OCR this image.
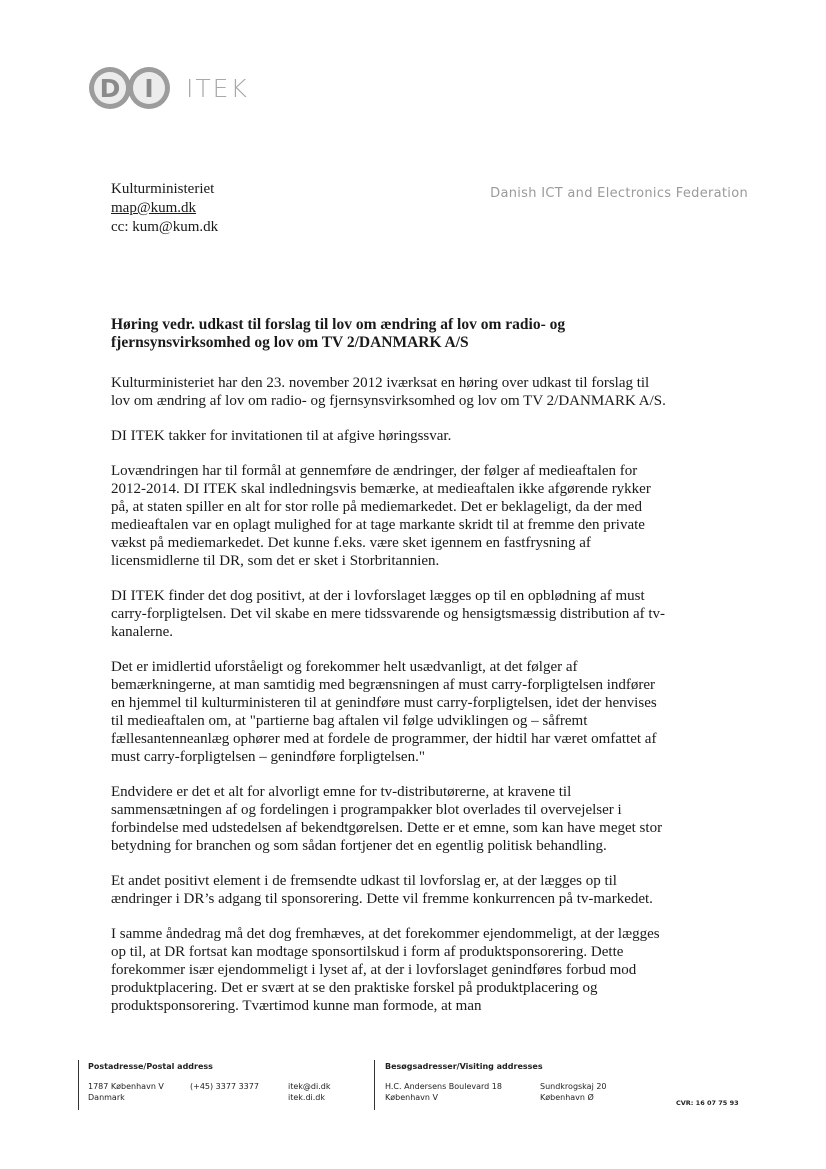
D I ITEK
Kulturministeriet
map@kum.dk
cc: kum@kum.dk
Danish ICT and Electronics Federation
Høring vedr. udkast til forslag til lov om ændring af lov om radio- og fjernsynsvirksomhed og lov om TV 2/DANMARK A/S

Kulturministeriet har den 23. november 2012 iværksat en høring over udkast til forslag til lov om ændring af lov om radio- og fjernsynsvirksomhed og lov om TV 2/DANMARK A/S.

DI ITEK takker for invitationen til at afgive høringssvar.

Lovændringen har til formål at gennemføre de ændringer, der følger af medieaftalen for 2012-2014. DI ITEK skal indledningsvis bemærke, at medieaftalen ikke afgørende rykker på, at staten spiller en alt for stor rolle på mediemarkedet. Det er beklageligt, da der med medieaftalen var en oplagt mulighed for at tage markante skridt til at fremme den private vækst på mediemarkedet. Det kunne f.eks. være sket igennem en fastfrysning af licensmidlerne til DR, som det er sket i Storbritannien.

DI ITEK finder det dog positivt, at der i lovforslaget lægges op til en opblødning af must carry-forpligtelsen. Det vil skabe en mere tidssvarende og hensigtsmæssig distribution af tv-kanalerne.

Det er imidlertid uforståeligt og forekommer helt usædvanligt, at det følger af bemærkningerne, at man samtidig med begrænsningen af must carry-forpligtelsen indfører en hjemmel til kulturministeren til at genindføre must carry-forpligtelsen, idet der henvises til medieaftalen om, at "partierne bag aftalen vil følge udviklingen og – såfremt fællesantenneanlæg ophører med at fordele de programmer, der hidtil har været omfattet af must carry-forpligtelsen – genindføre forpligtelsen."

Endvidere er det et alt for alvorligt emne for tv-distributørerne, at kravene til sammensætningen af og fordelingen i programpakker blot overlades til overvejelser i forbindelse med udstedelsen af bekendtgørelsen. Dette er et emne, som kan have meget stor betydning for branchen og som sådan fortjener det en egentlig politisk behandling.

Et andet positivt element i de fremsendte udkast til lovforslag er, at der lægges op til ændringer i DR’s adgang til sponsorering. Dette vil fremme konkurrencen på tv-markedet.

I samme åndedrag må det dog fremhæves, at det forekommer ejendommeligt, at der lægges op til, at DR fortsat kan modtage sponsortilskud i form af produktsponsorering. Dette forekommer især ejendommeligt i lyset af, at der i lovforslaget genindføres forbud mod produktplacering. Det er svært at se den praktiske forskel på produktplacering og produktsponsorering. Tværtimod kunne man formode, at man

Postadresse/Postal address
1787 København V
Danmark
(+45) 3377 3377	itek@di.dk
itek.di.dk
Besøgsadresser/Visiting addresses
H.C. Andersens Boulevard 18
København V
Sundkrogskaj 20
København Ø
CVR: 16 07 75 93
